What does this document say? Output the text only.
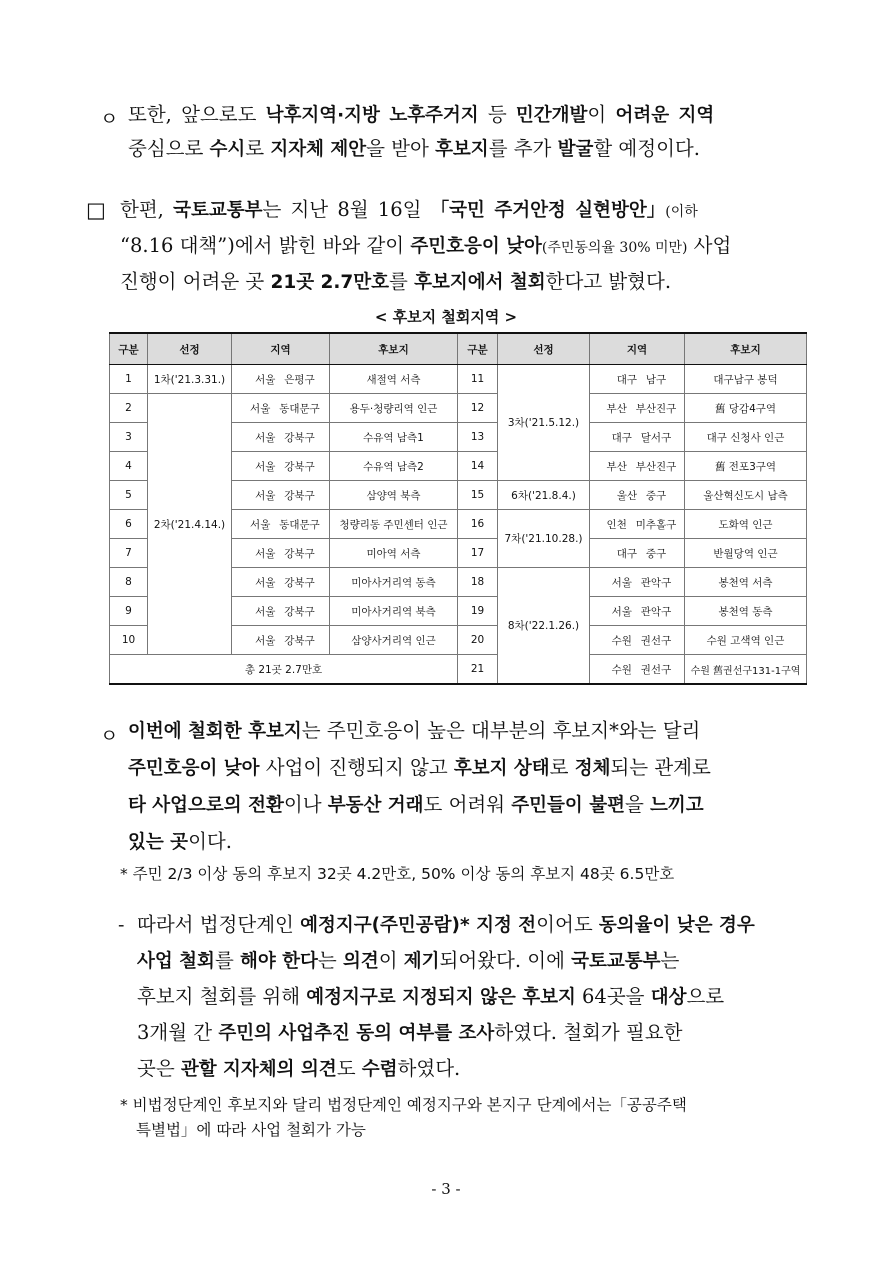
ㅇ 또한, 앞으로도 낙후지역·지방 노후주거지 등 민간개발이 어려운 지역
중심으로 수시로 지자체 제안을 받아 후보지를 추가 발굴할 예정이다.
□ 한편, 국토교통부는 지난 8월 16일 「국민 주거안정 실현방안」(이하
“8.16 대책”)에서 밝힌 바와 같이 주민호응이 낮아(주민동의율 30% 미만) 사업
진행이 어려운 곳 21곳 2.7만호를 후보지에서 철회한다고 밝혔다.
< 후보지 철회지역 >
구분	선정	지역	후보지	구분	선정	지역	후보지
1	1차('21.3.31.)	서울 은평구	새절역 서측	11	3차('21.5.12.)	대구 남구	대구남구 봉덕
2	2차('21.4.14.)	서울 동대문구	용두·청량리역 인근	12		부산 부산진구	舊 당감4구역
3		서울 강북구	수유역 남측1	13		대구 달서구	대구 신청사 인근
4		서울 강북구	수유역 남측2	14		부산 부산진구	舊 전포3구역
5		서울 강북구	삼양역 북측	15	6차('21.8.4.)	울산 중구	울산혁신도시 남측
6		서울 동대문구	청량리동 주민센터 인근	16	7차('21.10.28.)	인천 미추홀구	도화역 인근
7		서울 강북구	미아역 서측	17		대구 중구	반월당역 인근
8		서울 강북구	미아사거리역 동측	18	8차('22.1.26.)	서울 관악구	봉천역 서측
9		서울 강북구	미아사거리역 북측	19		서울 관악구	봉천역 동측
10		서울 강북구	삼양사거리역 인근	20		수원 권선구	수원 고색역 인근
총 21곳 2.7만호				21		수원 권선구	수원 舊권선구131-1구역
ㅇ 이번에 철회한 후보지는 주민호응이 높은 대부분의 후보지*와는 달리
주민호응이 낮아 사업이 진행되지 않고 후보지 상태로 정체되는 관계로
타 사업으로의 전환이나 부동산 거래도 어려워 주민들이 불편을 느끼고
있는 곳이다.
* 주민 2/3 이상 동의 후보지 32곳 4.2만호, 50% 이상 동의 후보지 48곳 6.5만호
- 따라서 법정단계인 예정지구(주민공람)* 지정 전이어도 동의율이 낮은 경우
사업 철회를 해야 한다는 의견이 제기되어왔다. 이에 국토교통부는
후보지 철회를 위해 예정지구로 지정되지 않은 후보지 64곳을 대상으로
3개월 간 주민의 사업추진 동의 여부를 조사하였다. 철회가 필요한
곳은 관할 지자체의 의견도 수렴하였다.
* 비법정단계인 후보지와 달리 법정단계인 예정지구와 본지구 단계에서는「공공주택
특별법」에 따라 사업 철회가 가능
- 3 -
